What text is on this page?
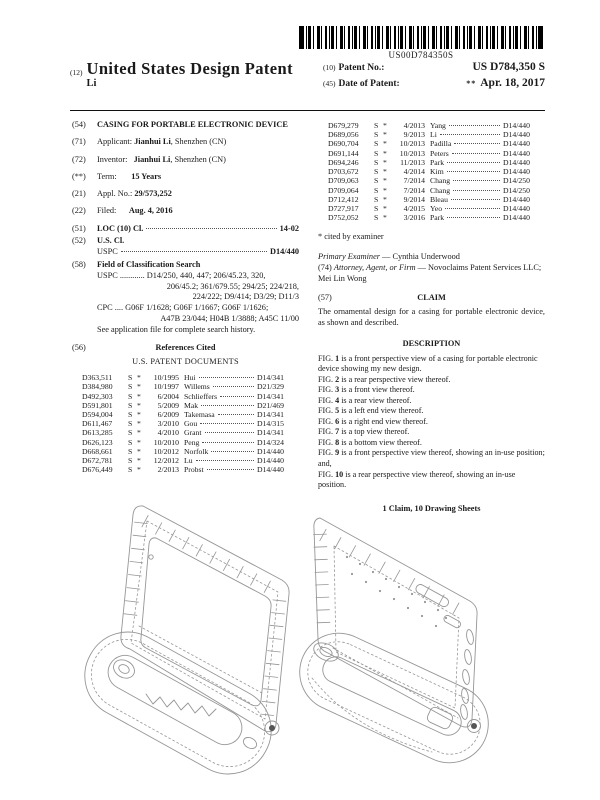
US00D784350S
(12) United States Design Patent
Li
(10) Patent No.:	US D784,350 S
(45) Date of Patent:	** Apr. 18, 2017
(54)	CASING FOR PORTABLE ELECTRONIC DEVICE
(71)	Applicant: Jianhui Li, Shenzhen (CN)
(72)	Inventor: Jianhui Li, Shenzhen (CN)
(**)	Term: 15 Years
(21)	Appl. No.: 29/573,252
(22)	Filed: Aug. 4, 2016
(51)	LOC (10) Cl.	14-02
(52)	U.S. Cl.
USPC	D14/440
(58)	Field of Classification Search
USPC ............ D14/250, 440, 447; 206/45.23, 320,
206/45.2; 361/679.55; 294/25; 224/218,
224/222; D9/414; D3/29; D11/3
CPC .... G06F 1/1628; G06F 1/1667; G06F 1/1626;
A47B 23/044; H04B 1/3888; A45C 11/00
See application file for complete search history.
(56)	References Cited
U.S. PATENT DOCUMENTS
D363,511	S *	10/1995 Hui	D14/341
D384,980	S *	10/1997 Willems	D21/329
D492,303	S *	6/2004 Schlieffers	D14/341
D591,801	S *	5/2009 Mak	D21/469
D594,004	S *	6/2009 Takemasa	D14/341
D611,467	S *	3/2010 Gou	D14/315
D613,285	S *	4/2010 Grant	D14/341
D626,123	S *	10/2010 Peng	D14/324
D668,661	S *	10/2012 Norfolk	D14/440
D672,781	S *	12/2012 Lu	D14/440
D676,449	S *	2/2013 Probst	D14/440
D679,279	S *	4/2013 Yang	D14/440
D689,056	S *	9/2013 Li	D14/440
D690,704	S *	10/2013 Padilla	D14/440
D691,144	S *	10/2013 Peters	D14/440
D694,246	S *	11/2013 Park	D14/440
D703,672	S *	4/2014 Kim	D14/440
D709,063	S *	7/2014 Chang	D14/250
D709,064	S *	7/2014 Chang	D14/250
D712,412	S *	9/2014 Bleau	D14/440
D727,917	S *	4/2015 Yeo	D14/440
D752,052	S *	3/2016 Park	D14/440
* cited by examiner
Primary Examiner — Cynthia Underwood
(74) Attorney, Agent, or Firm — Novoclaims Patent Services LLC; Mei Lin Wong
(57)	CLAIM
The ornamental design for a casing for portable electronic device, as shown and described.
DESCRIPTION
FIG. 1 is a front perspective view of a casing for portable electronic device showing my new design.
FIG. 2 is a rear perspective view thereof.
FIG. 3 is a front view thereof.
FIG. 4 is a rear view thereof.
FIG. 5 is a left end view thereof.
FIG. 6 is a right end view thereof.
FIG. 7 is a top view thereof.
FIG. 8 is a bottom view thereof.
FIG. 9 is a front perspective view thereof, showing an in-use position; and,
FIG. 10 is a rear perspective view thereof, showing an in-use position.
1 Claim, 10 Drawing Sheets
